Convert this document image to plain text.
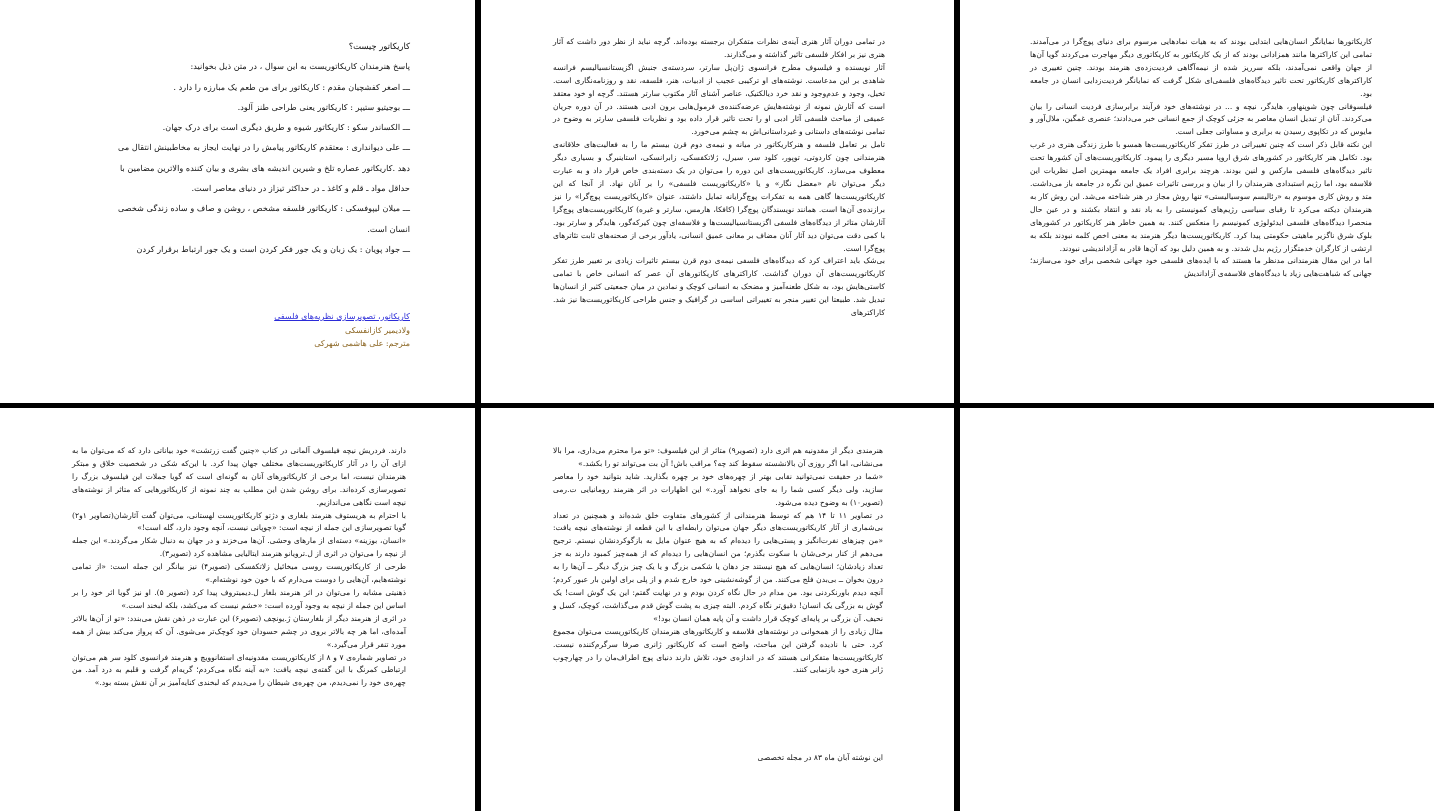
کاریکاتور چیست؟

پاسخ هنرمندان کاریکاتوریست به این سوال ، در متن ذیل بخوانید:

ـــ اصغر کفشچیان مقدم : کاریکاتور برای من طعم یک مبارزه را دارد .

ـــ بوجیتیو ستیپر : کاریکاتور یعنی طراحی طنز آلود.

ـــ الکساندر سکو : کاریکاتور شیوه و طریق دیگری است برای درک جهان.

ـــ علی دیوانداری : معتقدم کاریکاتور پیامش را در نهایت ایجاز به مخاطبینش انتقال می

دهد .کاریکاتور عصاره تلخ و شیرین اندیشه های بشری و بیان کننده والاترین مضامین با

حداقل مواد ـ قلم و کاغذ ـ در حداکثر تیزاز در دنیای معاصر است.

ـــ میلان لیپوفسکی : کاریکاتور فلسفه مشخص ، روشن و صاف و ساده زندگی شخصی

انسان است.

ـــ جواد پویان : یک زبان و یک جور فکر کردن است و یک جور ارتباط برقرار کردن

کاریکاتور، تصویرسازی نظریه‌های فلسفی
ولادیمیر کازانفسکی
مترجم: علی هاشمی شهرکی

در تمامی دوران آثار هنری آینه‌ی نظرات متفکران برجسته بوده‌اند. گرچه نباید از نظر دور داشت که آثار هنری نیز بر افکار فلسفی تاثیر گذاشته و می‌گذارند.

آثار نویسنده و فیلسوف مطرح فرانسوی ژان‌پل سارتر، سردسته‌ی جنبش اگزیستانسیالیسم فرانسه شاهدی بر این مدعاست. نوشته‌های او ترکیبی عجیب از ادبیات، هنر، فلسفه، نقد و روزنامه‌نگاری است. تخیل، وجود و عدم‌وجود و نقد خرد دیالکتیک، عناصر آشنای آثار مکتوب سارتر هستند. گرچه او خود معتقد است که آثارش نمونه از نوشته‌هایش عرضه‌کننده‌ی فرمول‌هایی برون ادبی هستند. در آن دوره جریان عمیقی از مباحث فلسفی آثار ادبی او را تحت تاثیر قرار داده بود و نظریات فلسفی سارتر به وضوح در تمامی نوشته‌های داستانی و غیرداستانی‌اش به چشم می‌خورد.

تامل بر تعامل فلسفه و هنرکاریکاتور در میانه و نیمه‌ی دوم قرن بیستم ما را به فعالیت‌های خلاقانه‌ی هنرمندانی چون کاردوتی، توپور، کلود سر، سیرل، ژلاتکفسکی، زابرانسکی، استاینبرگ و بسیاری دیگر معطوف می‌سازد. کاریکاتوریست‌های این دوره را می‌توان در یک دسته‌بندی خاص قرار داد و به عبارت دیگر می‌توان نام «معضل نگار» و یا «کاریکاتوریست فلسفی» را بر آنان نهاد. از آنجا که این کاریکاتوریست‌ها گاهی همه به تفکرات پوچ‌گرایانه تمایل داشتند، عنوان «کاریکاتوریست پوچ‌گرا» را نیز برازنده‌ی آن‌ها است. همانند نویسندگان پوچ‌گرا (کافکا، هارمس، سارتر و غیره) کاریکاتوریست‌های پوچ‌گرا آثارشان متاثر از دیدگاه‌های فلسفی اگزیستانسیالیست‌ها و فلاسفه‌ای چون کیرکه‌گور، هایدگر و سارتر بود. با کمی دقت می‌توان دید آثار آنان مضاف بر معانی عمیق انسانی، یادآور برخی از صحنه‌های ثابت تئاترهای پوچ‌گرا است.

بی‌شک باید اعتراف کرد که دیدگاه‌های فلسفی نیمه‌ی دوم قرن بیستم تاثیرات زیادی بر تغییر طرز تفکر کاریکاتوریست‌های آن دوران گذاشت. کاراکترهای کاریکاتورهای آن عصر که انسانی خاص با تمامی کاستی‌هایش بود، به شکل طعنه‌آمیز و مضحک به انسانی کوچک و نمادین در میان جمعیتی کثیر از انسان‌ها تبدیل شد. طبیعتا این تغییر منجر به تغییراتی اساسی در گرافیک و جنس طراحی کاریکاتوریست‌ها نیز شد. کاراکترهای

کاریکاتورها نمایانگر انسان‌هایی ابتدایی بودند که به هیات نمادهایی مرسوم برای دنیای پوچ‌گرا در می‌آمدند. تمامی این کاراکترها مانند همزادانی بودند که از یک کاریکاتور به کاریکاتوری دیگر مهاجرت می‌کردند گویا آن‌ها از جهان واقعی نمی‌آمدند، بلکه سرریز شده از نیمه‌آگاهی فردیت‌زده‌ی هنرمند بودند. چنین تغییری در کاراکترهای کاریکاتور تحت تاثیر دیدگاه‌های فلسفی‌ای شکل گرفت که نمایانگر فردیت‌زدایی انسان در جامعه بود.

فیلسوفانی چون شوپنهاور، هایدگر، نیچه و ... در نوشته‌های خود فرآیند برابرسازی فردیت انسانی را بیان می‌کردند. آنان از تبدیل انسان معاصر به جزئی کوچک از جمع انسانی خبر می‌دادند؛ عنصری غمگین، ملال‌آور و مایوس که در تکاپوی رسیدن به برابری و مساواتی جعلی است.

این نکته قابل ذکر است که چنین تغییراتی در طرز تفکر کاریکاتوریست‌ها همسو با طرز زندگی هنری در غرب بود. تکامل هنر کاریکاتور در کشورهای شرق اروپا مسیر دیگری را پیمود. کاریکاتوریست‌های آن کشورها تحت تاثیر دیدگاه‌های فلسفی مارکس و لنین بودند. هرچند برابری افراد یک جامعه مهمترین اصل نظریات این فلاسفه بود، اما رژیم استبدادی هنرمندان را از بیان و بررسی تاثیرات عمیق این نگره در جامعه باز می‌داشت. متد و روش کاری موسوم به «رئالیسم سوسیالیستی» تنها روش مجاز در هنر شناخته می‌شد. این روش کار به هنرمندان دیکته می‌کرد تا رقبای سیاسی رژیم‌های کمونیستی را به باد نقد و انتقاد بکشند و در عین حال منحصرا دیدگاه‌های فلسفی ایدئولوژی کمونیسم را منعکس کنند. به همین خاطر هنر کاریکاتور در کشورهای بلوک شرق ناگزیر ماهیتی حکومتی پیدا کرد. کاریکاتوریست‌ها دیگر هنرمند به معنی اخص کلمه نبودند بلکه به ارتشی از کارگران خدمتگزار رژیم بدل شدند. و به همین دلیل بود که آن‌ها قادر به آزاداندیشی نبودند.

اما در این مقال هنرمندانی مدنظر ما هستند که با ایده‌های فلسفی خود جهانی شخصی برای خود می‌سازند؛ جهانی که شباهت‌هایی زیاد با دیدگاه‌های فلاسفه‌ی آزاداندیش

دارند. فردریش نیچه فیلسوف آلمانی در کتاب «چنین گفت زرتشت» خود بیاناتی دارد که که می‌توان ما به ازای آن را در آثار کاریکاتوریست‌های مختلف جهان پیدا کرد. با این‌که شکی در شخصیت خلاق و مبتکر هنرمندان نیست، اما برخی از کاریکاتورهای آنان به گونه‌ای است که گویا جملات این فیلسوف بزرگ را تصویرسازی کرده‌اند. برای روشن شدن این مطلب به چند نمونه از کاریکاتورهایی که متاثر از نوشته‌های نیچه است نگاهی می‌اندازیم.

با احترام به هریستوف هنرمند بلغاری و دژتو کاریکاتوریست لهستانی، می‌توان گفت آثارشان(تصاویر ۱و۲) گویا تصویرسازی این جمله از نیچه است: «چوپانی نیست، آنچه وجود دارد، گله است!»

«انسان، بوزینه» دسته‌ای از مارهای وحشی. آن‌ها می‌خزند و در جهان به دنبال شکار می‌گردند.» این جمله از نیچه را می‌توان در اثری از ل.ترویانو هنرمند ایتالیایی مشاهده کرد (تصویر۳).

طرحی از کاریکاتوریست روسی میخائیل زلاتکفسکی (تصویر۴) نیز بیانگر این جمله است: «از تمامی نوشته‌هایم، آن‌هایی را دوست می‌دارم که با خون خود نوشته‌ام.»

ذهنیتی مشابه را می‌توان در اثر هنرمند بلغار ل.دیمیتروف پیدا کرد (تصویر ۵). او نیز گویا اثر خود را بر اساس این جمله از نیچه به وجود آورده است: «خشم نیست که می‌کشد، بلکه لبخند است.»

در اثری از هنرمند دیگر از بلغارستان ژ.یونچف (تصویر۶) این عبارت در ذهن نقش می‌بندد: «تو از آن‌ها بالاتر آمده‌ای، اما هر چه بالاتر بروی در چشم حسودان خود کوچک‌تر می‌شوی. آن که پرواز می‌کند بیش از همه مورد تنفر قرار می‌گیرد.»

در تصاویر شماره‌ی ۷ و ۸ از کاریکاتوریست مقدونیه‌ای استفانوویچ و هنرمند فرانسوی کلود سر هم می‌توان ارتباطی کمرنگ با این گفته‌ی نیچه یافت: «به آینه نگاه می‌کردم؛ گریه‌ام گرفت و قلبم به درد آمد. من چهره‌ی خود را نمی‌دیدم، من چهره‌ی شیطان را می‌دیدم که لبخندی کنایه‌آمیز بر آن نقش بسته بود.»

هنرمندی دیگر از مقدونیه هم اثری دارد (تصویر۹) متاثر از این فیلسوف: «تو مرا محترم می‌داری، مرا بالا می‌نشانی، اما اگر روزی آن بالانشسته سقوط کند چه؟ مراقب باش! آن بت می‌تواند تو را بکشد.»

«شما در حقیقت نمی‌توانید نقابی بهتر از چهره‌های خود بر چهره بگذارید. شاید بتوانید خود را معاصر سازید، ولی دیگر کسی شما را به جای نخواهد آورد.» این اظهارات در اثر هنرمند رومانیایی ت.رمی (تصویر۱۰) به وضوح دیده می‌شود.

در تصاویر ۱۱ تا ۱۴ هم که توسط هنرمندانی از کشورهای متفاوت خلق شده‌اند و همچنین در تعداد بی‌شماری از آثار کاریکاتوریست‌های دیگر جهان می‌توان رابطه‌ای با این قطعه از نوشته‌های نیچه یافت: «من چیزهای نفرت‌انگیز و پستی‌هایی را دیده‌ام که به هیچ عنوان مایل به بازگوکردنشان نیستم. ترجیح می‌دهم از کنار برخی‌شان با سکوت بگذرم؛ من انسان‌هایی را دیده‌ام که از همه‌چیز کمبود دارند به جز تعداد زیادشان؛ انسان‌هایی که هیچ نیستند جز دهان یا شکمی بزرگ و یا یک چیز بزرگ دیگر ــ آن‌ها را به درون بخوان ــ بی‌بدن فلج می‌کنند. من از گوشه‌نشینی خود خارج شدم و از پلی برای اولین بار عبور کردم؛ آنچه دیدم باورنکردنی بود. من مدام در حال نگاه کردن بودم و در نهایت گفتم: این یک گوش است! یک گوش به بزرگی یک انسان! دقیق‌تر نگاه کردم. البته چیزی به پشت گوش قدم می‌گذاشت، کوچک، کسل و نحیف. آن بزرگی بر پایه‌ای کوچک قرار داشت و آن پایه همان انسان بود!»

مثال زیادی را از همخوانی در نوشته‌های فلاسفه و کاریکاتورهای هنرمندان کاریکاتوریست می‌توان مجموع کرد. حتی با نادیده گرفتن این مباحث، واضح است که کاریکاتور ژانری صرفا سرگرم‌کننده نیست. کاریکاتوریست‌ها متفکرانی هستند که در اندازه‌ی خود، تلاش دارند دنیای پوچ اطراف‌مان را در چهارچوب ژانر هنری خود بازنمایی کنند.

این نوشته آبان ماه ۸۳ در مجله تخصصی
